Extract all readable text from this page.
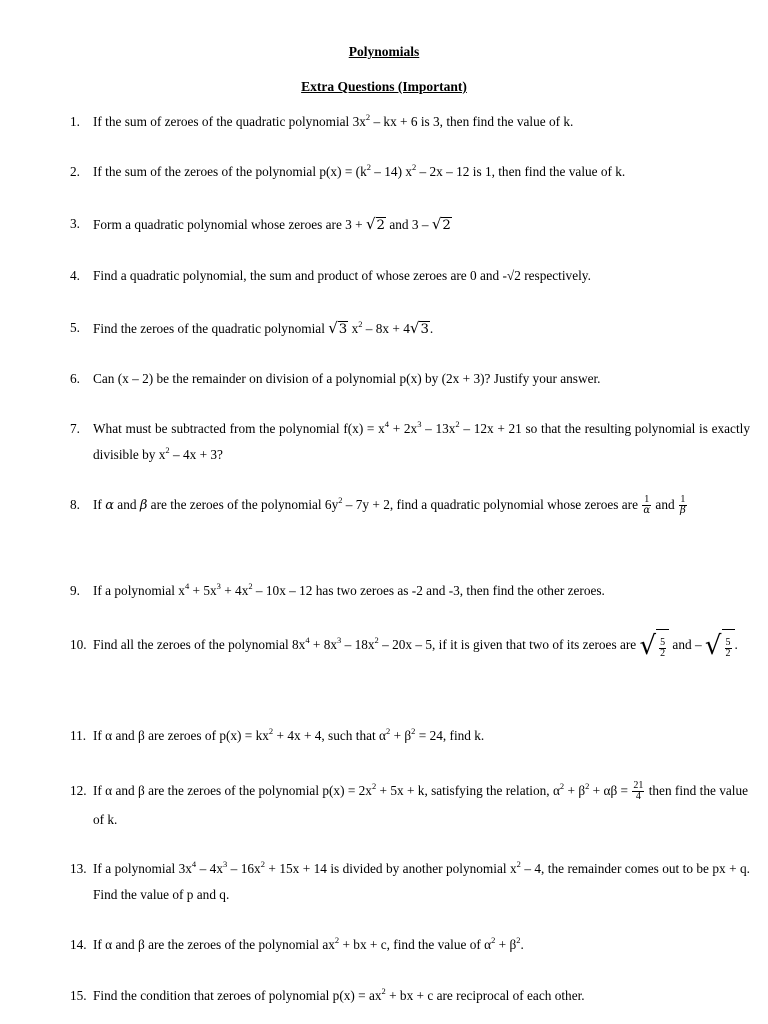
Polynomials
Extra Questions (Important)
1. If the sum of zeroes of the quadratic polynomial $3x^2$ – kx + 6 is 3, then find the value of k.
2. If the sum of the zeroes of the polynomial $p(x) = (k^2 - 14)$ $x^2 - 2x - 12$ is 1, then find the value of k.
3. Form a quadratic polynomial whose zeroes are 3 + √2 and 3 – √2
4. Find a quadratic polynomial, the sum and product of whose zeroes are 0 and -√2 respectively.
5. Find the zeroes of the quadratic polynomial √3 $x^2 - 8x + 4√3$.
6. Can (x – 2) be the remainder on division of a polynomial p(x) by (2x + 3)? Justify your answer.
7. What must be subtracted from the polynomial $f(x) = x^4 + 2x^3 - 13x^2 - 12x + 21$ so that the resulting polynomial is exactly divisible by $x^2 - 4x + 3$?
8. If α and β are the zeroes of the polynomial $6y^2 - 7y + 2$, find a quadratic polynomial whose zeroes are $\frac{1}{\alpha}$ and $\frac{1}{\beta}$
9. If a polynomial $x^4 + 5x^3 + 4x^2 - 10x - 12$ has two zeroes as -2 and -3, then find the other zeroes.
10. Find all the zeroes of the polynomial $8x^4 + 8x^3 - 18x^2 - 20x - 5$, if it is given that two of its zeroes are √ $\frac{5}{2}$ and – √ $\frac{5}{2}$ .
11. If α and β are zeroes of $p(x) = kx^2 + 4x + 4$, such that $\alpha^2 + \beta^2 = 24$, find k.
12. If α and β are the zeroes of the polynomial $p(x) = 2x^2 + 5x + k$, satisfying the relation, $\alpha^2 + \beta^2 + \alpha\beta = \frac{21}{4}$ then find the value of k.
13. If a polynomial $3x^4 - 4x^3 - 16x^2 + 15x + 14$ is divided by another polynomial $x^2 - 4$, the remainder comes out to be px + q. Find the value of p and q.
14. If α and β are the zeroes of the polynomial $ax^2$ + bx + c, find the value of $\alpha^2 + \beta^2$.
15. Find the condition that zeroes of polynomial $p(x) = ax^2$ + bx + c are reciprocal of each other.
